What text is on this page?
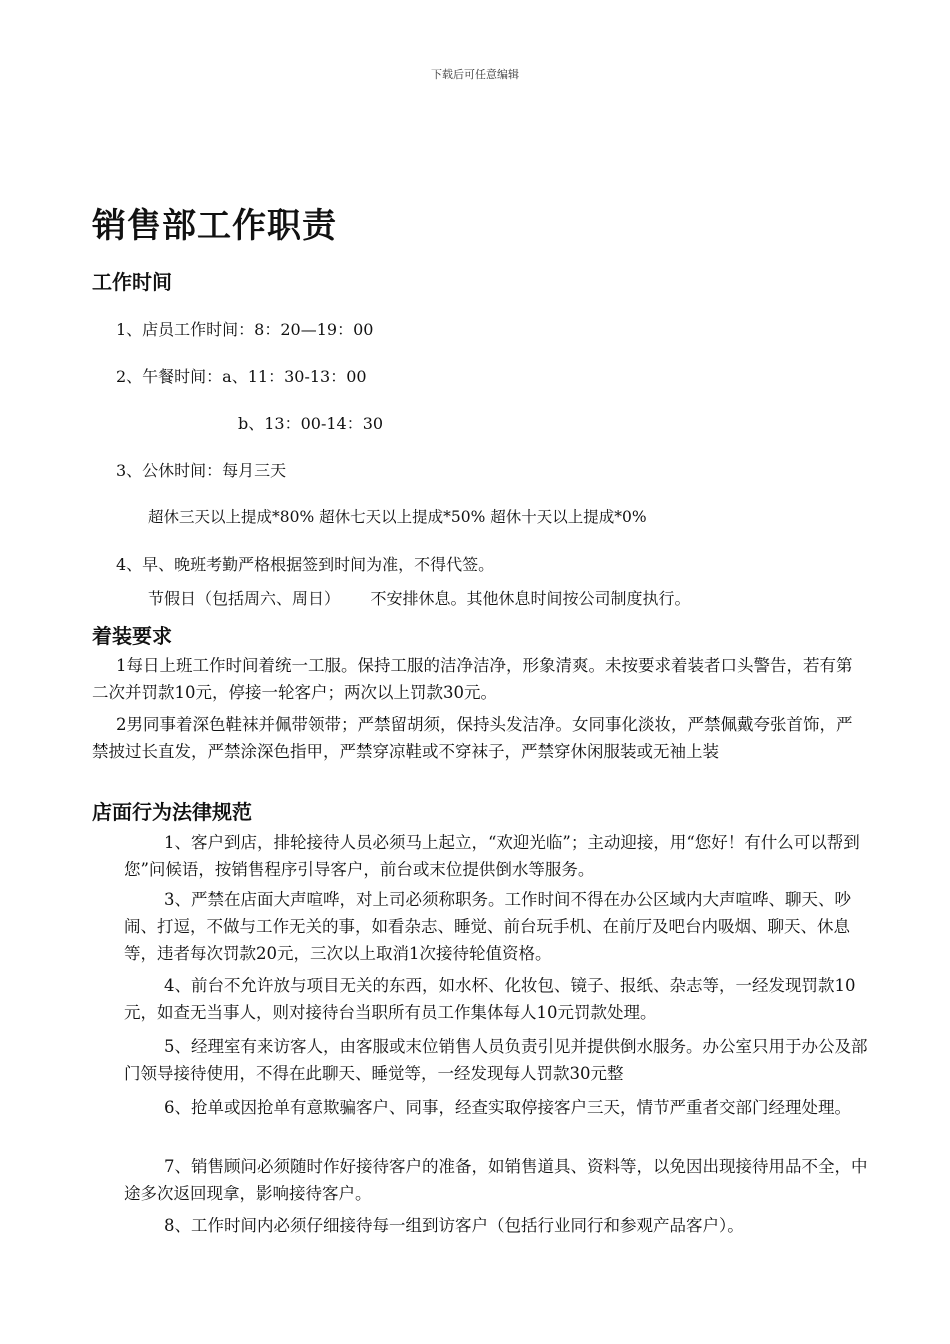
下载后可任意编辑
销售部工作职责
工作时间
1、店员工作时间：8：20—19：00
2、午餐时间：a、11：30-13：00
b、13：00-14：30
3、公休时间：每月三天
超休三天以上提成*80% 超休七天以上提成*50% 超休十天以上提成*0%
4、早、晚班考勤严格根据签到时间为准，不得代签。
节假日（包括周六、周日）      不安排休息。其他休息时间按公司制度执行。
着装要求
1每日上班工作时间着统一工服。保持工服的洁净洁净，形象清爽。未按要求着装者口头警告，若有第 二次并罚款10元，停接一轮客户；两次以上罚款30元。
2男同事着深色鞋袜并佩带领带；严禁留胡须，保持头发洁净。女同事化淡妆，严禁佩戴夸张首饰，严禁披过长直发，严禁涂深色指甲，严禁穿凉鞋或不穿袜子，严禁穿休闲服装或无袖上装
店面行为法律规范
1、客户到店，排轮接待人员必须马上起立，“欢迎光临”；主动迎接，用“您好！有什么可以帮到您”问候语，按销售程序引导客户，前台或末位提供倒水等服务。
3、严禁在店面大声喧哗，对上司必须称职务。工作时间不得在办公区域内大声喧哗、聊天、吵闹、打逗，不做与工作无关的事，如看杂志、睡觉、前台玩手机、在前厅及吧台内吸烟、聊天、休息等，违者每次罚款20元，三次以上取消1次接待轮值资格。
4、前台不允许放与项目无关的东西，如水杯、化妆包、镜子、报纸、杂志等，一经发现罚款10元，如查无当事人，则对接待台当职所有员工作集体每人10元罚款处理。
5、经理室有来访客人，由客服或末位销售人员负责引见并提供倒水服务。办公室只用于办公及部门领导接待使用，不得在此聊天、睡觉等，一经发现每人罚款30元整
6、抢单或因抢单有意欺骗客户、同事，经查实取停接客户三天，情节严重者交部门经理处理。
7、销售顾问必须随时作好接待客户的准备，如销售道具、资料等，以免因出现接待用品不全，中途多次返回现拿，影响接待客户。
8、工作时间内必须仔细接待每一组到访客户（包括行业同行和参观产品客户）。
